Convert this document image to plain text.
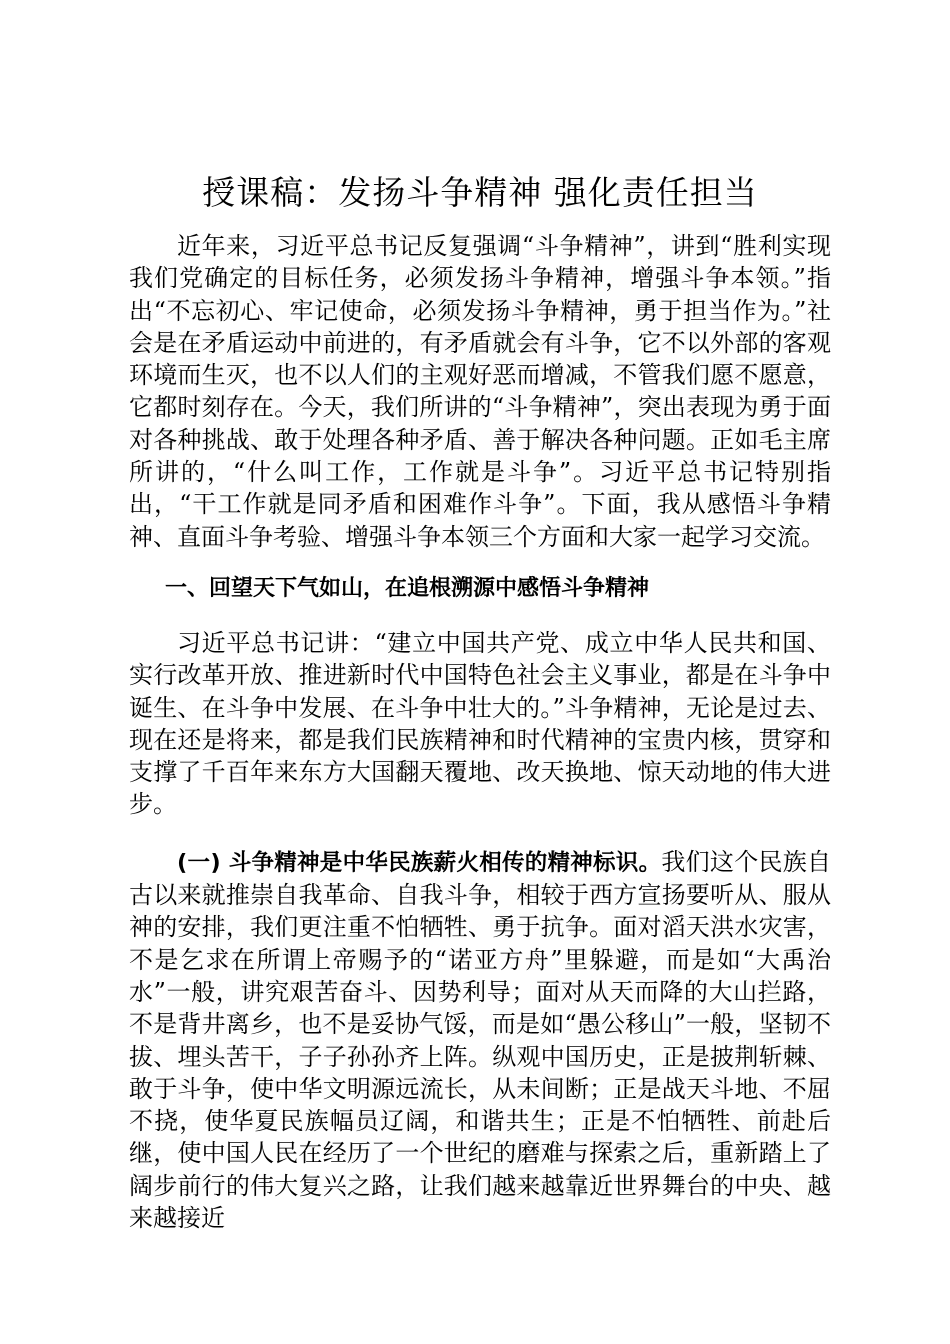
授课稿：发扬斗争精神 强化责任担当

近年来，习近平总书记反复强调“斗争精神”，讲到“胜利实现我们党确定的目标任务，必须发扬斗争精神，增强斗争本领。”指出“不忘初心、牢记使命，必须发扬斗争精神，勇于担当作为。”社会是在矛盾运动中前进的，有矛盾就会有斗争，它不以外部的客观环境而生灭，也不以人们的主观好恶而增减，不管我们愿不愿意，它都时刻存在。今天，我们所讲的“斗争精神”，突出表现为勇于面对各种挑战、敢于处理各种矛盾、善于解决各种问题。正如毛主席所讲的，“什么叫工作，工作就是斗争”。习近平总书记特别指出，“干工作就是同矛盾和困难作斗争”。下面，我从感悟斗争精神、直面斗争考验、增强斗争本领三个方面和大家一起学习交流。

一、回望天下气如山，在追根溯源中感悟斗争精神

习近平总书记讲：“建立中国共产党、成立中华人民共和国、实行改革开放、推进新时代中国特色社会主义事业，都是在斗争中诞生、在斗争中发展、在斗争中壮大的。”斗争精神，无论是过去、现在还是将来，都是我们民族精神和时代精神的宝贵内核，贯穿和支撑了千百年来东方大国翻天覆地、改天换地、惊天动地的伟大进步。

(一) 斗争精神是中华民族薪火相传的精神标识。我们这个民族自古以来就推崇自我革命、自我斗争，相较于西方宣扬要听从、服从神的安排，我们更注重不怕牺牲、勇于抗争。面对滔天洪水灾害，不是乞求在所谓上帝赐予的“诺亚方舟”里躲避，而是如“大禹治水”一般，讲究艰苦奋斗、因势利导；面对从天而降的大山拦路，不是背井离乡，也不是妥协气馁，而是如“愚公移山”一般，坚韧不拔、埋头苦干，子子孙孙齐上阵。纵观中国历史，正是披荆斩棘、敢于斗争，使中华文明源远流长，从未间断；正是战天斗地、不屈不挠，使华夏民族幅员辽阔，和谐共生；正是不怕牺牲、前赴后继，使中国人民在经历了一个世纪的磨难与探索之后，重新踏上了阔步前行的伟大复兴之路，让我们越来越靠近世界舞台的中央、越来越接近
